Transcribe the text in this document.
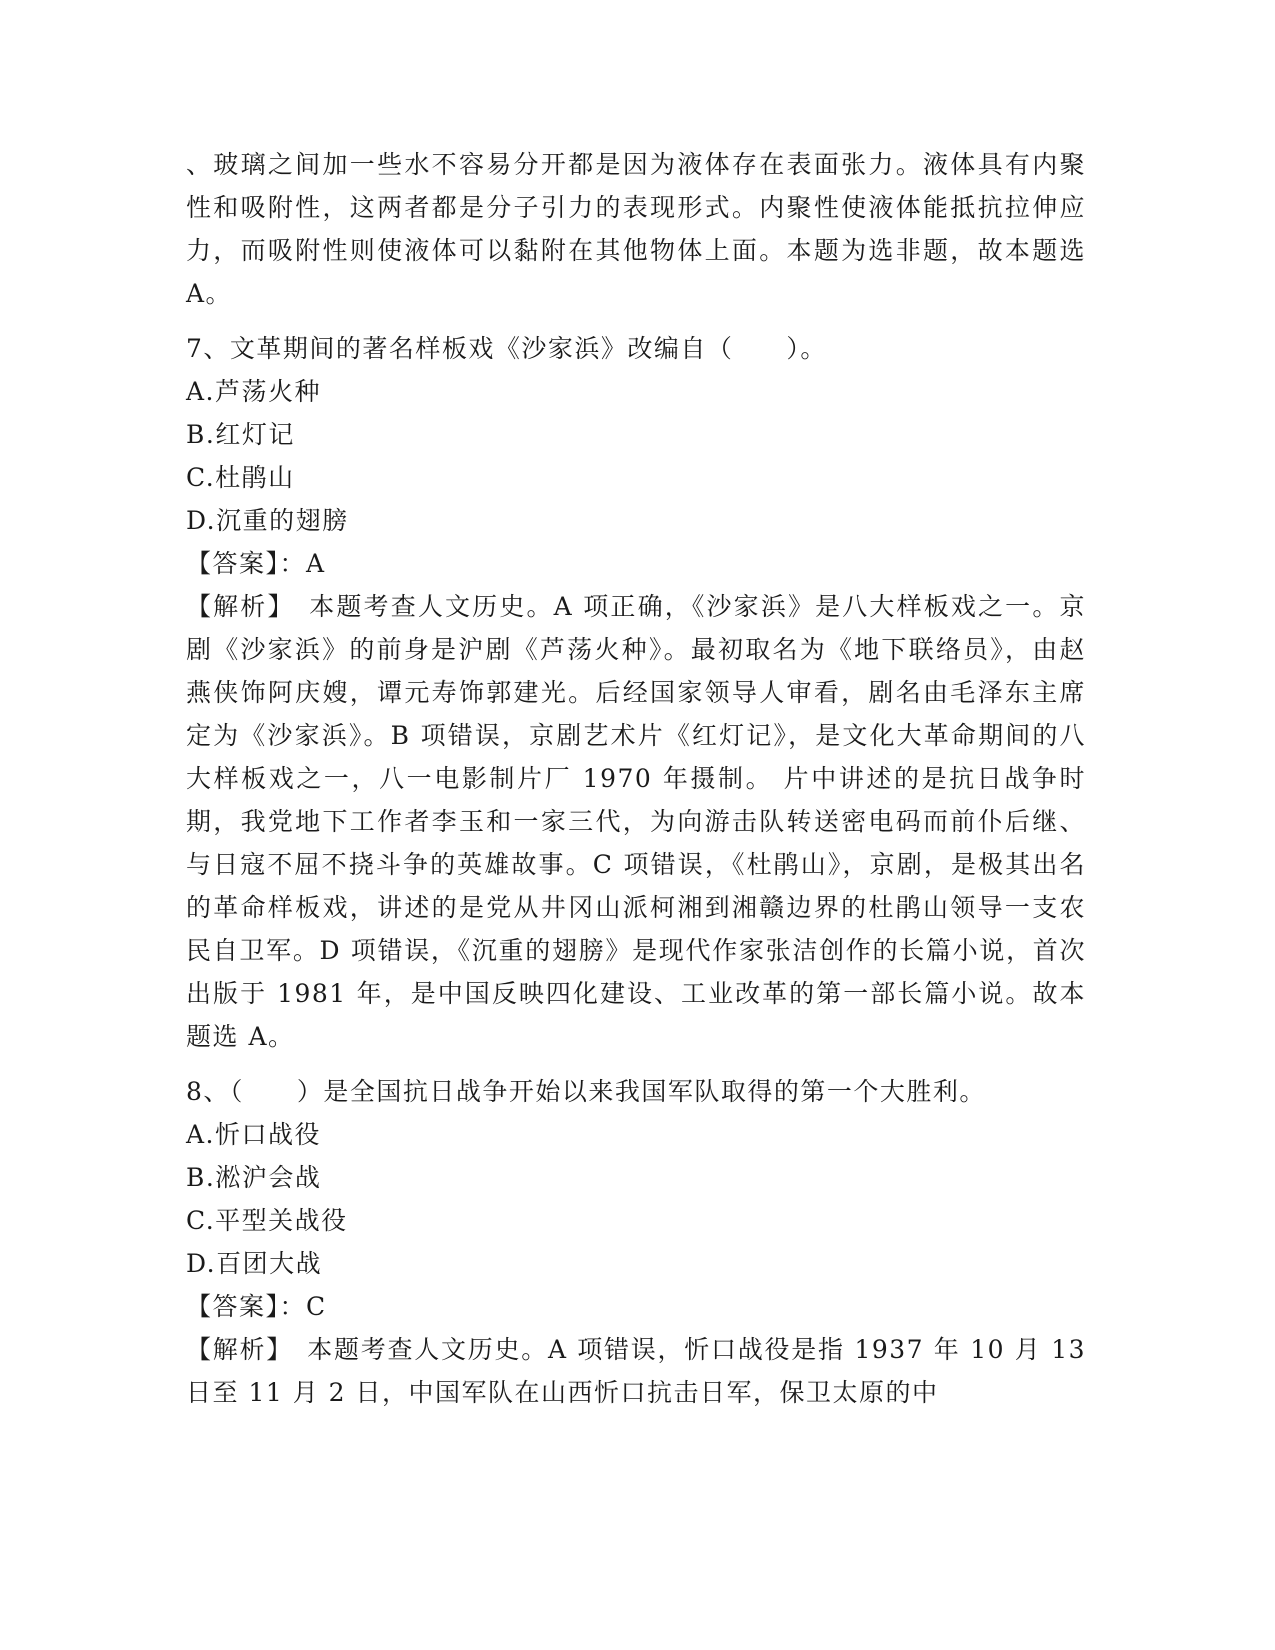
、玻璃之间加一些水不容易分开都是因为液体存在表面张力。液体具有内聚性和吸附性，这两者都是分子引力的表现形式。内聚性使液体能抵抗拉伸应力，而吸附性则使液体可以黏附在其他物体上面。本题为选非题，故本题选 A。

7、文革期间的著名样板戏《沙家浜》改编自（　　）。
A.芦荡火种
B.红灯记
C.杜鹃山
D.沉重的翅膀
【答案】：A

【解析】　本题考查人文历史。A 项正确，《沙家浜》是八大样板戏之一。京剧《沙家浜》的前身是沪剧《芦荡火种》。最初取名为《地下联络员》，由赵燕侠饰阿庆嫂，谭元寿饰郭建光。后经国家领导人审看，剧名由毛泽东主席定为《沙家浜》。B 项错误，京剧艺术片《红灯记》，是文化大革命期间的八大样板戏之一，八一电影制片厂 1970 年摄制。 片中讲述的是抗日战争时期，我党地下工作者李玉和一家三代，为向游击队转送密电码而前仆后继、与日寇不屈不挠斗争的英雄故事。C 项错误，《杜鹃山》，京剧，是极其出名的革命样板戏，讲述的是党从井冈山派柯湘到湘赣边界的杜鹃山领导一支农民自卫军。D 项错误，《沉重的翅膀》是现代作家张洁创作的长篇小说，首次出版于 1981 年，是中国反映四化建设、工业改革的第一部长篇小说。故本题选 A。

8、（　　）是全国抗日战争开始以来我国军队取得的第一个大胜利。
A.忻口战役
B.淞沪会战
C.平型关战役
D.百团大战
【答案】：C

【解析】　本题考查人文历史。A 项错误，忻口战役是指 1937 年 10 月 13 日至 11 月 2 日，中国军队在山西忻口抗击日军，保卫太原的中
